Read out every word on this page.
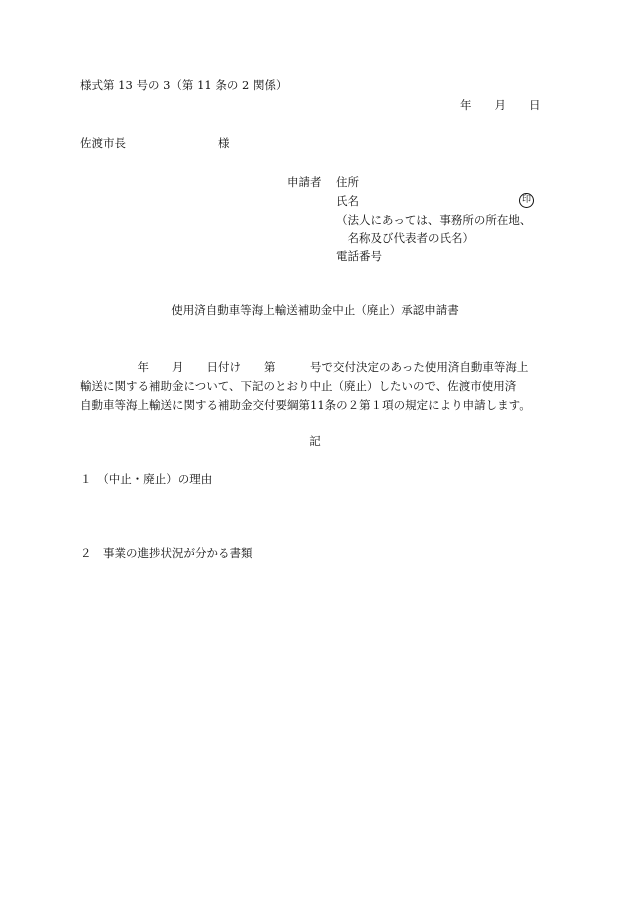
様式第 13 号の 3（第 11 条の 2 関係）

年　　月　　日

佐渡市長　　　　　　　　様

申請者 住所

氏名	印

（法人にあっては、事務所の所在地、

　名称及び代表者の氏名）

電話番号

使用済自動車等海上輸送補助金中止（廃止）承認申請書

　　　　　年　　月　　日付け　　第　　　号で交付決定のあった使用済自動車等海上
輸送に関する補助金について、下記のとおり中止（廃止）したいので、佐渡市使用済
自動車等海上輸送に関する補助金交付要綱第11条の２第１項の規定により申請します。

記

１　（中止・廃止）の理由

２　事業の進捗状況が分かる書類
